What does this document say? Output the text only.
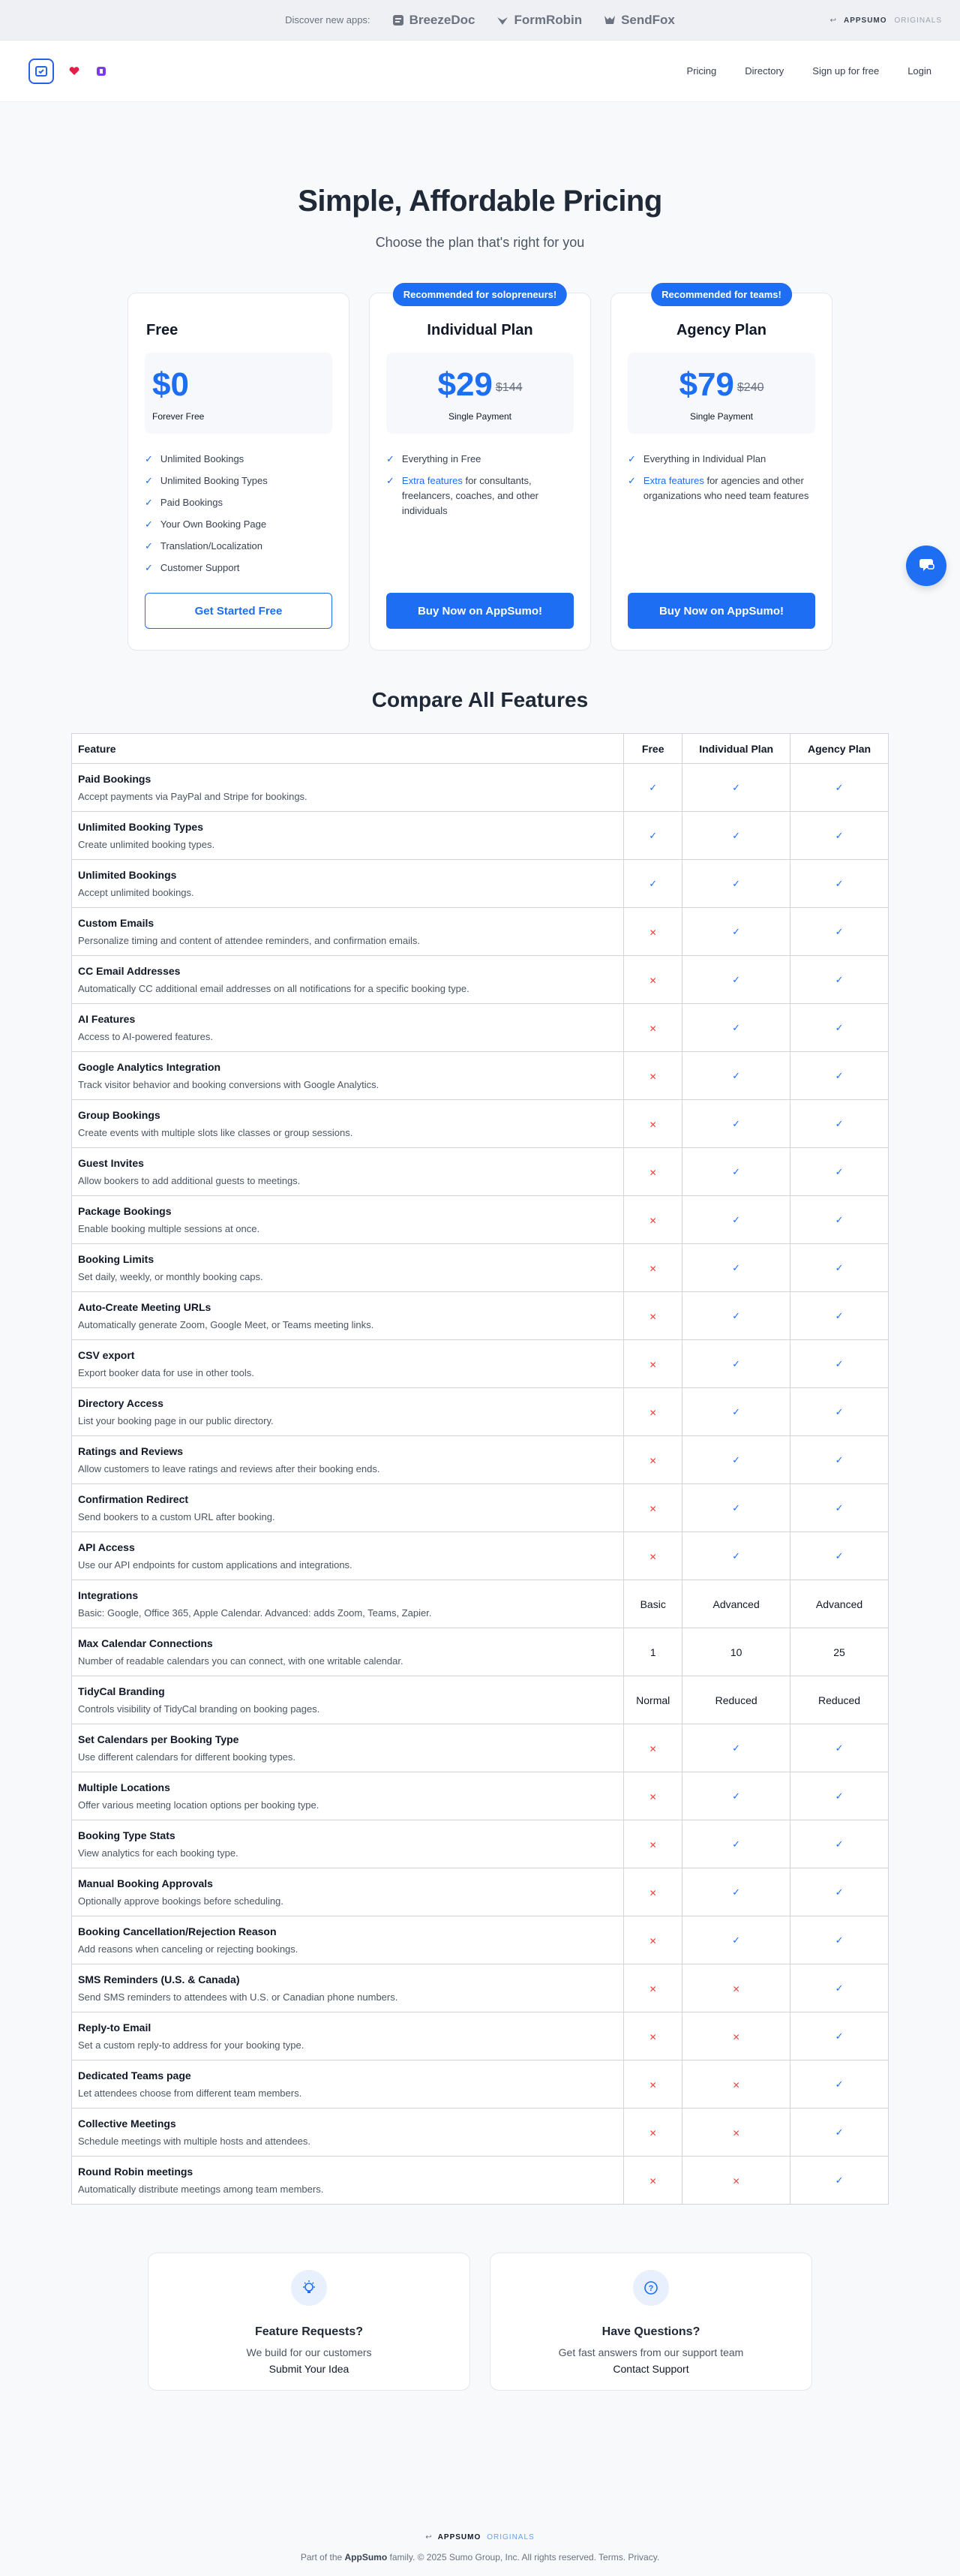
Discover new apps:	BreezeDoc	FormRobin	SendFox	↩ APPSUMO ORIGINALS
Pricing	Directory	Sign up for free	Login
Simple, Affordable Pricing

Choose the plan that's right for you

Free
$0
Forever Free
✓ Unlimited Bookings
✓ Unlimited Booking Types
✓ Paid Bookings
✓ Your Own Booking Page
✓ Translation/Localization
✓ Customer Support
Get Started Free
Recommended for solopreneurs!
Individual Plan
$29 $144
Single Payment
✓ Everything in Free
✓ Extra features for consultants, freelancers, coaches, and other individuals
Buy Now on AppSumo!
Recommended for teams!
Agency Plan
$79 $240
Single Payment
✓ Everything in Individual Plan
✓ Extra features for agencies and other organizations who need team features
Buy Now on AppSumo!
Compare All Features
Feature	Free	Individual Plan	Agency Plan

Paid Bookings
Accept payments via PayPal and Stripe for bookings.	✓	✓	✓

Unlimited Booking Types
Create unlimited booking types.	✓	✓	✓

Unlimited Bookings
Accept unlimited bookings.	✓	✓	✓

Custom Emails
Personalize timing and content of attendee reminders, and confirmation emails.	✕	✓	✓

CC Email Addresses
Automatically CC additional email addresses on all notifications for a specific booking type.	✕	✓	✓

AI Features
Access to AI-powered features.	✕	✓	✓

Google Analytics Integration
Track visitor behavior and booking conversions with Google Analytics.	✕	✓	✓

Group Bookings
Create events with multiple slots like classes or group sessions.	✕	✓	✓

Guest Invites
Allow bookers to add additional guests to meetings.	✕	✓	✓

Package Bookings
Enable booking multiple sessions at once.	✕	✓	✓

Booking Limits
Set daily, weekly, or monthly booking caps.	✕	✓	✓

Auto-Create Meeting URLs
Automatically generate Zoom, Google Meet, or Teams meeting links.	✕	✓	✓

CSV export
Export booker data for use in other tools.	✕	✓	✓

Directory Access
List your booking page in our public directory.	✕	✓	✓

Ratings and Reviews
Allow customers to leave ratings and reviews after their booking ends.	✕	✓	✓

Confirmation Redirect
Send bookers to a custom URL after booking.	✕	✓	✓

API Access
Use our API endpoints for custom applications and integrations.	✕	✓	✓

Integrations
Basic: Google, Office 365, Apple Calendar. Advanced: adds Zoom, Teams, Zapier.	Basic	Advanced	Advanced

Max Calendar Connections
Number of readable calendars you can connect, with one writable calendar.	1	10	25

TidyCal Branding
Controls visibility of TidyCal branding on booking pages.	Normal	Reduced	Reduced

Set Calendars per Booking Type
Use different calendars for different booking types.	✕	✓	✓

Multiple Locations
Offer various meeting location options per booking type.	✕	✓	✓

Booking Type Stats
View analytics for each booking type.	✕	✓	✓

Manual Booking Approvals
Optionally approve bookings before scheduling.	✕	✓	✓

Booking Cancellation/Rejection Reason
Add reasons when canceling or rejecting bookings.	✕	✓	✓

SMS Reminders (U.S. & Canada)
Send SMS reminders to attendees with U.S. or Canadian phone numbers.	✕	✕	✓

Reply-to Email
Set a custom reply-to address for your booking type.	✕	✕	✓

Dedicated Teams page
Let attendees choose from different team members.	✕	✕	✓

Collective Meetings
Schedule meetings with multiple hosts and attendees.	✕	✕	✓

Round Robin meetings
Automatically distribute meetings among team members.	✕	✕	✓
Feature Requests?
We build for our customers
Submit Your Idea
?
Have Questions?
Get fast answers from our support team
Contact Support
↩ APPSUMO ORIGINALS
Part of the AppSumo family. © 2025 Sumo Group, Inc. All rights reserved. Terms. Privacy.
